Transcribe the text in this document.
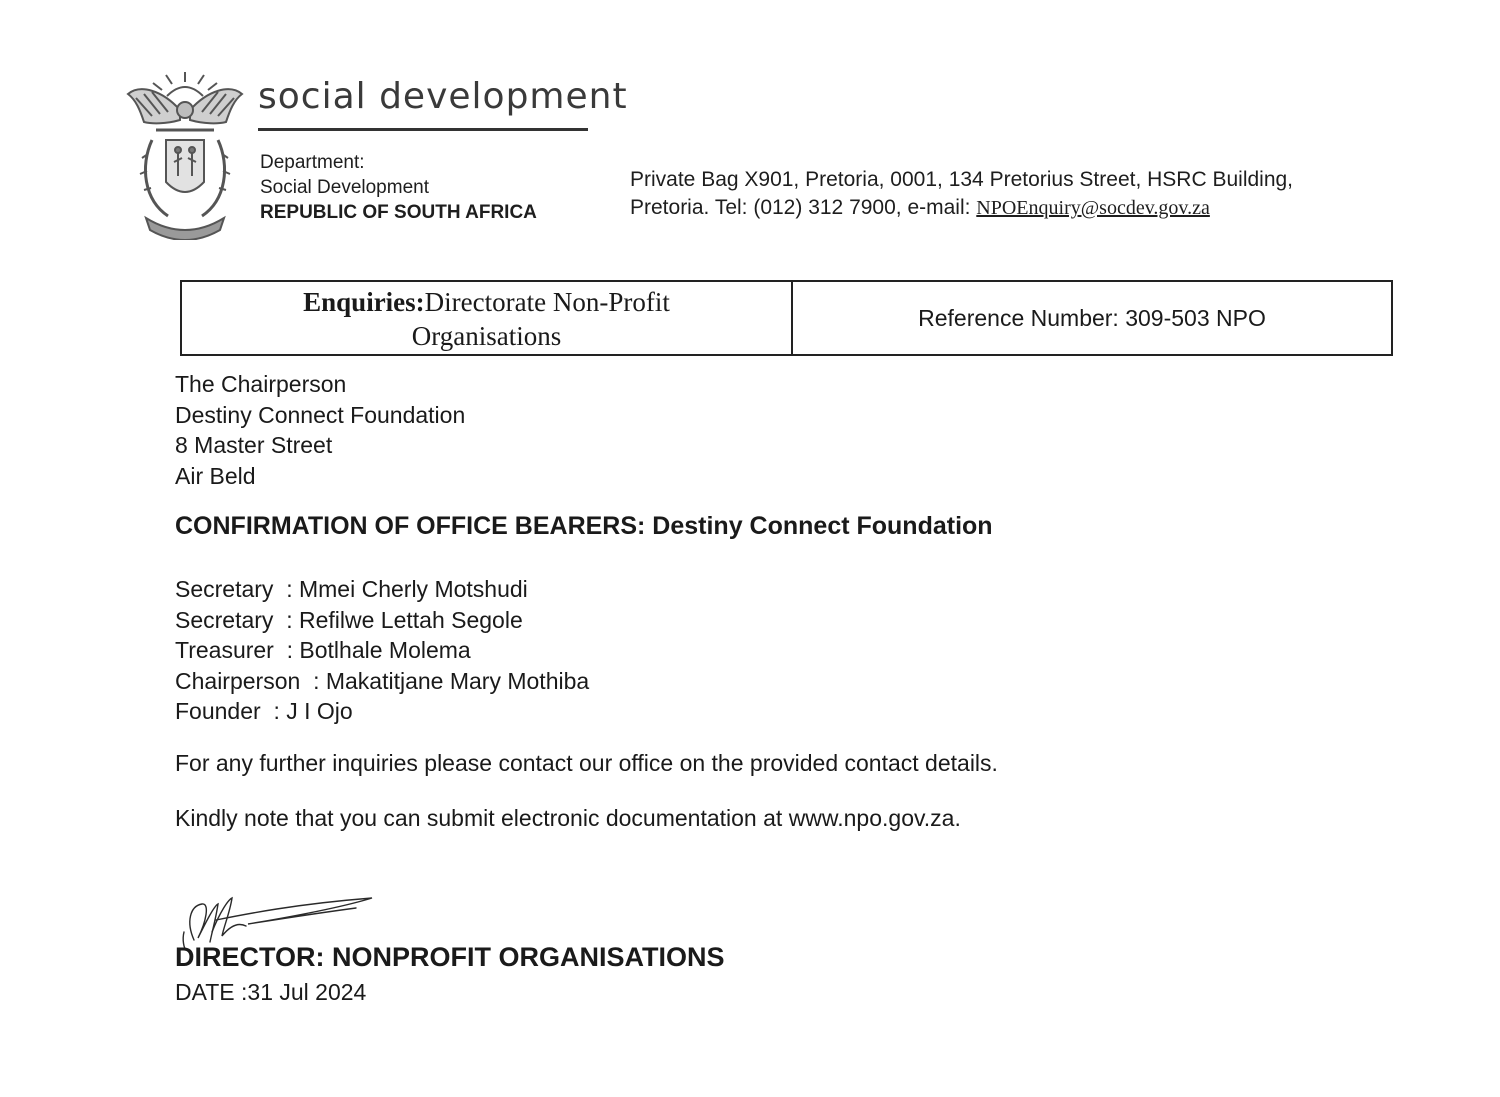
social development
Department:
Social Development
REPUBLIC OF SOUTH AFRICA
Private Bag X901, Pretoria, 0001, 134 Pretorius Street, HSRC Building,
Pretoria. Tel: (012) 312 7900, e-mail: NPOEnquiry@socdev.gov.za
Enquiries:Directorate Non-Profit
Organisations
Reference Number: 309-503 NPO
The Chairperson
Destiny Connect Foundation
8 Master Street
Air Beld
CONFIRMATION OF OFFICE BEARERS: Destiny Connect Foundation
Secretary  : Mmei Cherly Motshudi
Secretary  : Refilwe Lettah Segole
Treasurer  : Botlhale Molema
Chairperson  : Makatitjane Mary Mothiba
Founder  : J I Ojo
For any further inquiries please contact our office on the provided contact details.
Kindly note that you can submit electronic documentation at www.npo.gov.za.
DIRECTOR: NONPROFIT ORGANISATIONS
DATE :31 Jul 2024
